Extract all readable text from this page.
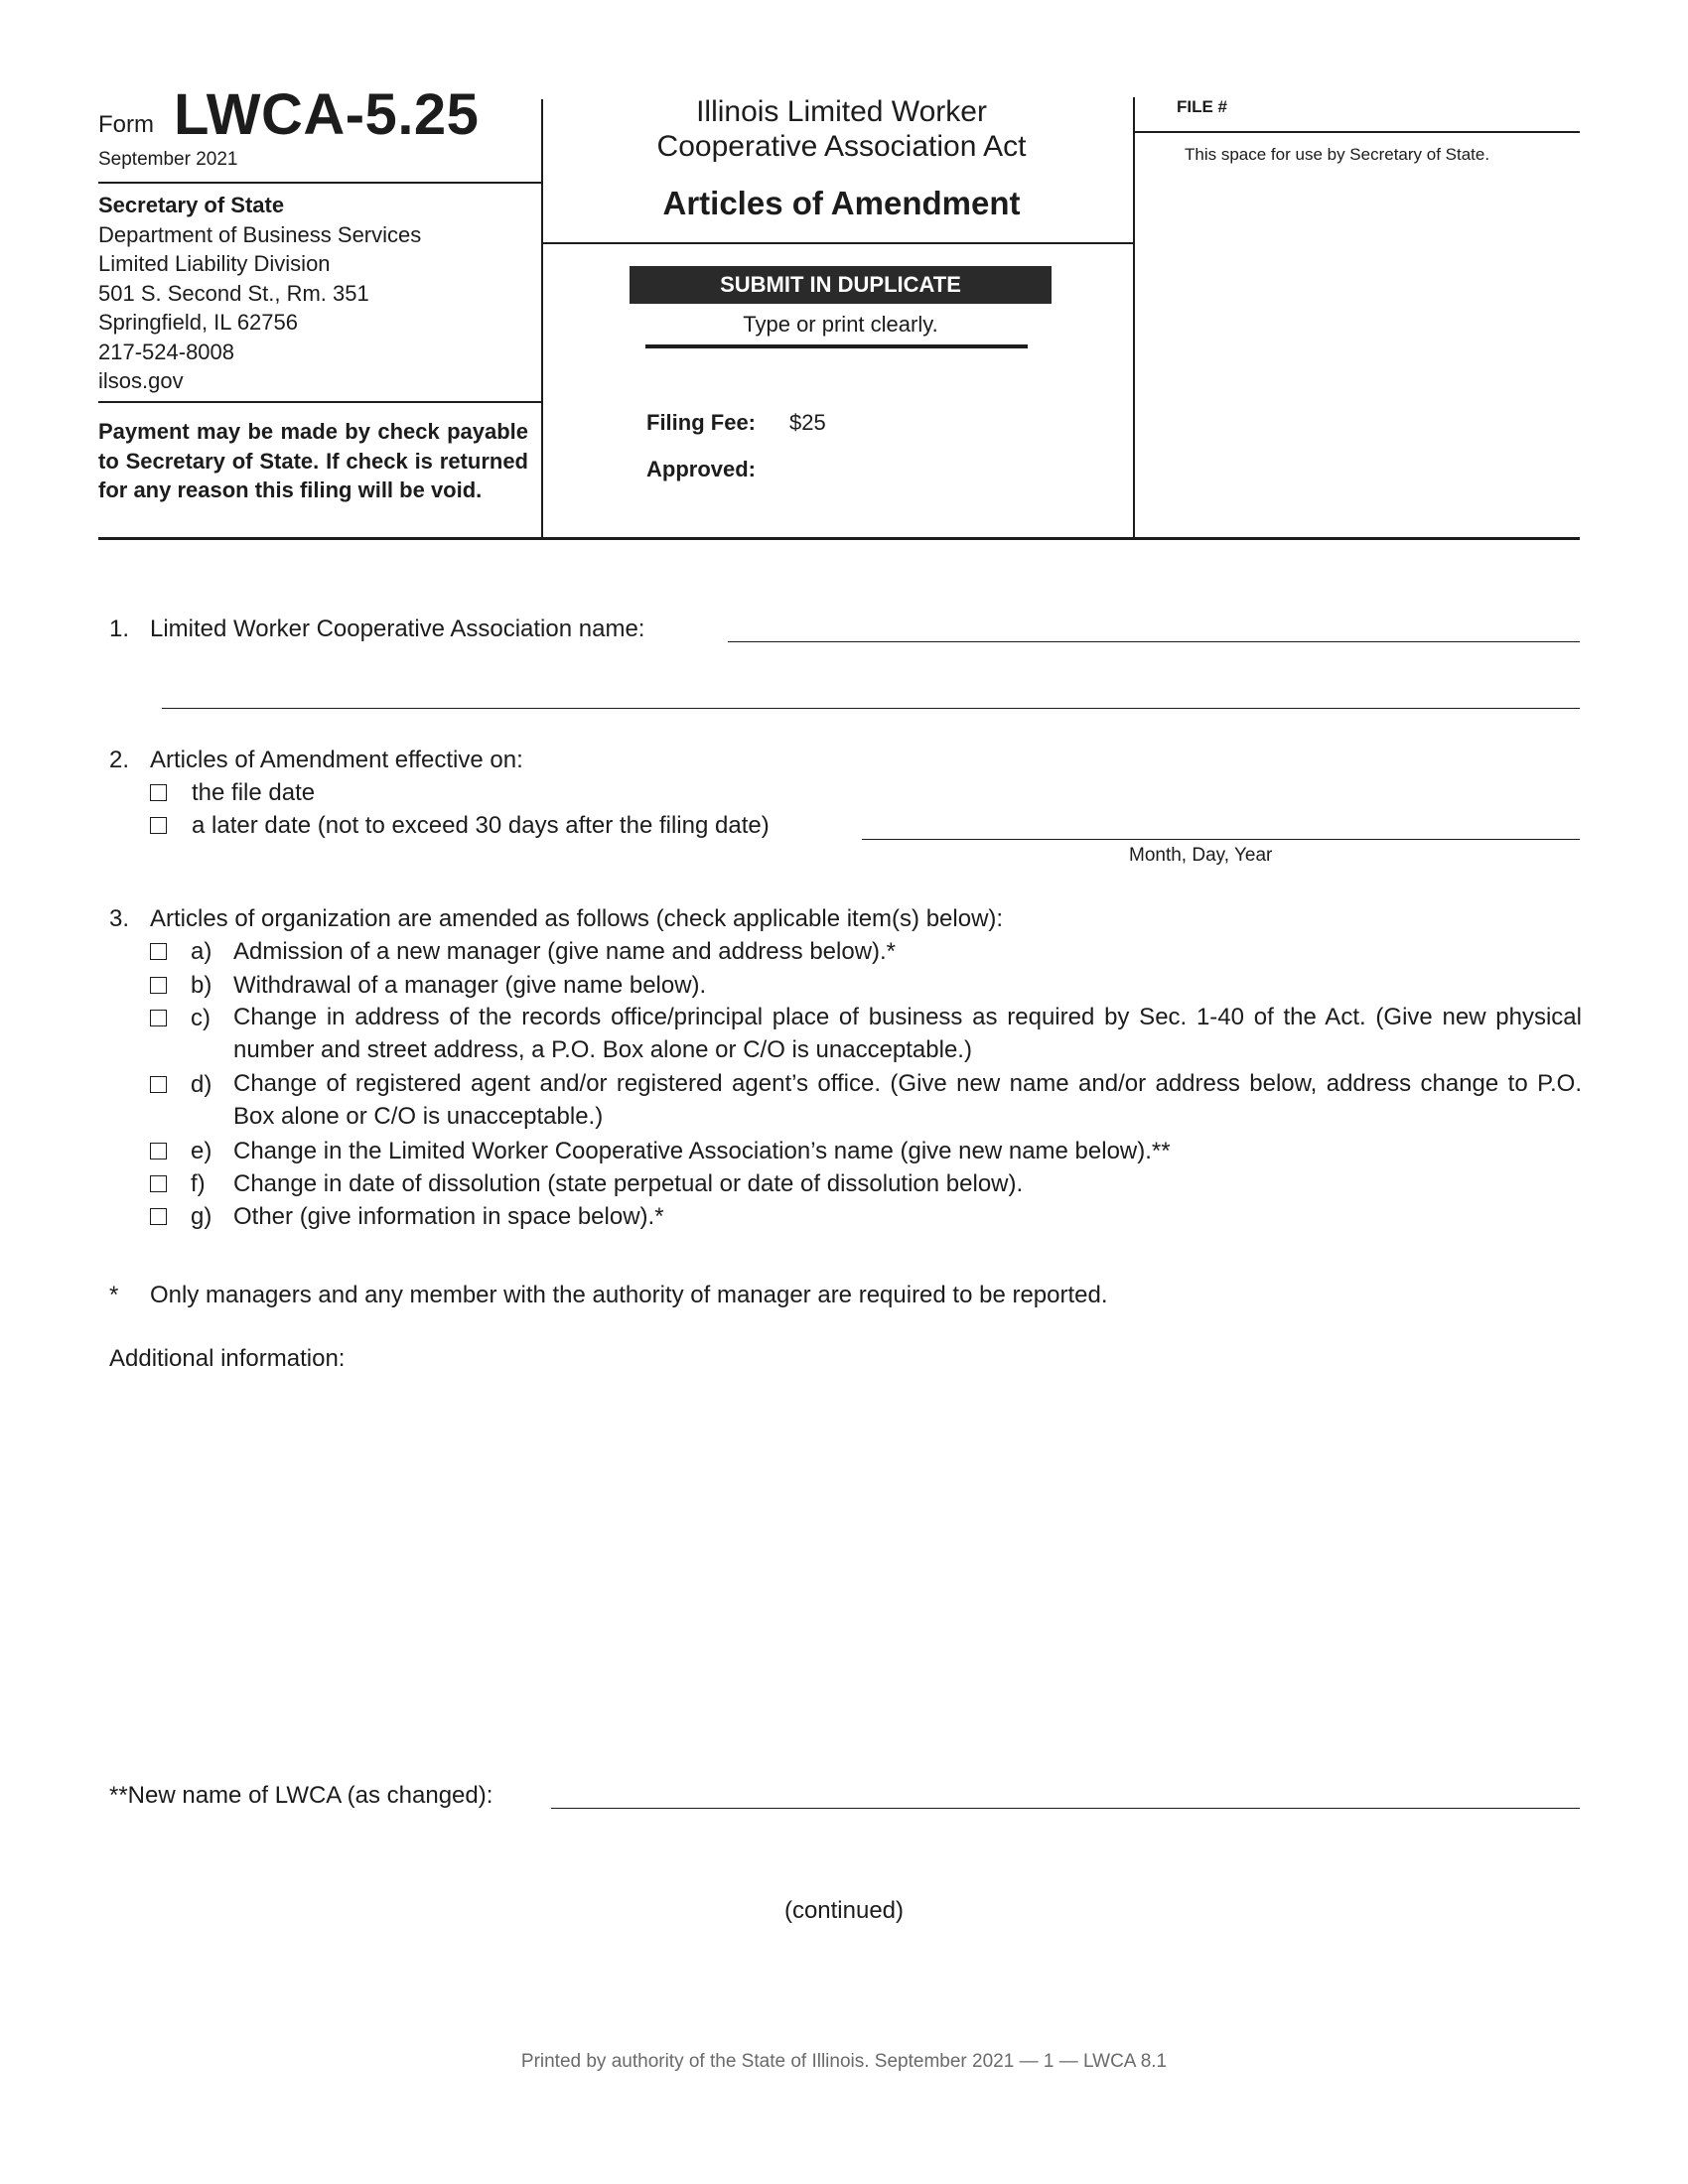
Form LWCA-5.25
September 2021
Secretary of State
Department of Business Services
Limited Liability Division
501 S. Second St., Rm. 351
Springfield, IL 62756
217-524-8008
ilsos.gov
Payment may be made by check payable to Secretary of State. If check is returned for any reason this filing will be void.
Illinois Limited Worker
Cooperative Association Act
Articles of Amendment
SUBMIT IN DUPLICATE
Type or print clearly.
Filing Fee: $25
Approved:
FILE #
This space for use by Secretary of State.
1. Limited Worker Cooperative Association name:
2. Articles of Amendment effective on:
the file date
a later date (not to exceed 30 days after the filing date)
Month, Day, Year
3. Articles of organization are amended as follows (check applicable item(s) below):
a) Admission of a new manager (give name and address below).*
b) Withdrawal of a manager (give name below).
c) Change in address of the records office/principal place of business as required by Sec. 1-40 of the Act. (Give new physical number and street address, a P.O. Box alone or C/O is unacceptable.)
d) Change of registered agent and/or registered agent’s office. (Give new name and/or address below, address change to P.O. Box alone or C/O is unacceptable.)
e) Change in the Limited Worker Cooperative Association’s name (give new name below).**
f) Change in date of dissolution (state perpetual or date of dissolution below).
g) Other (give information in space below).*
* Only managers and any member with the authority of manager are required to be reported.
Additional information:
**New name of LWCA (as changed):
(continued)
Printed by authority of the State of Illinois. September 2021 — 1 — LWCA 8.1
